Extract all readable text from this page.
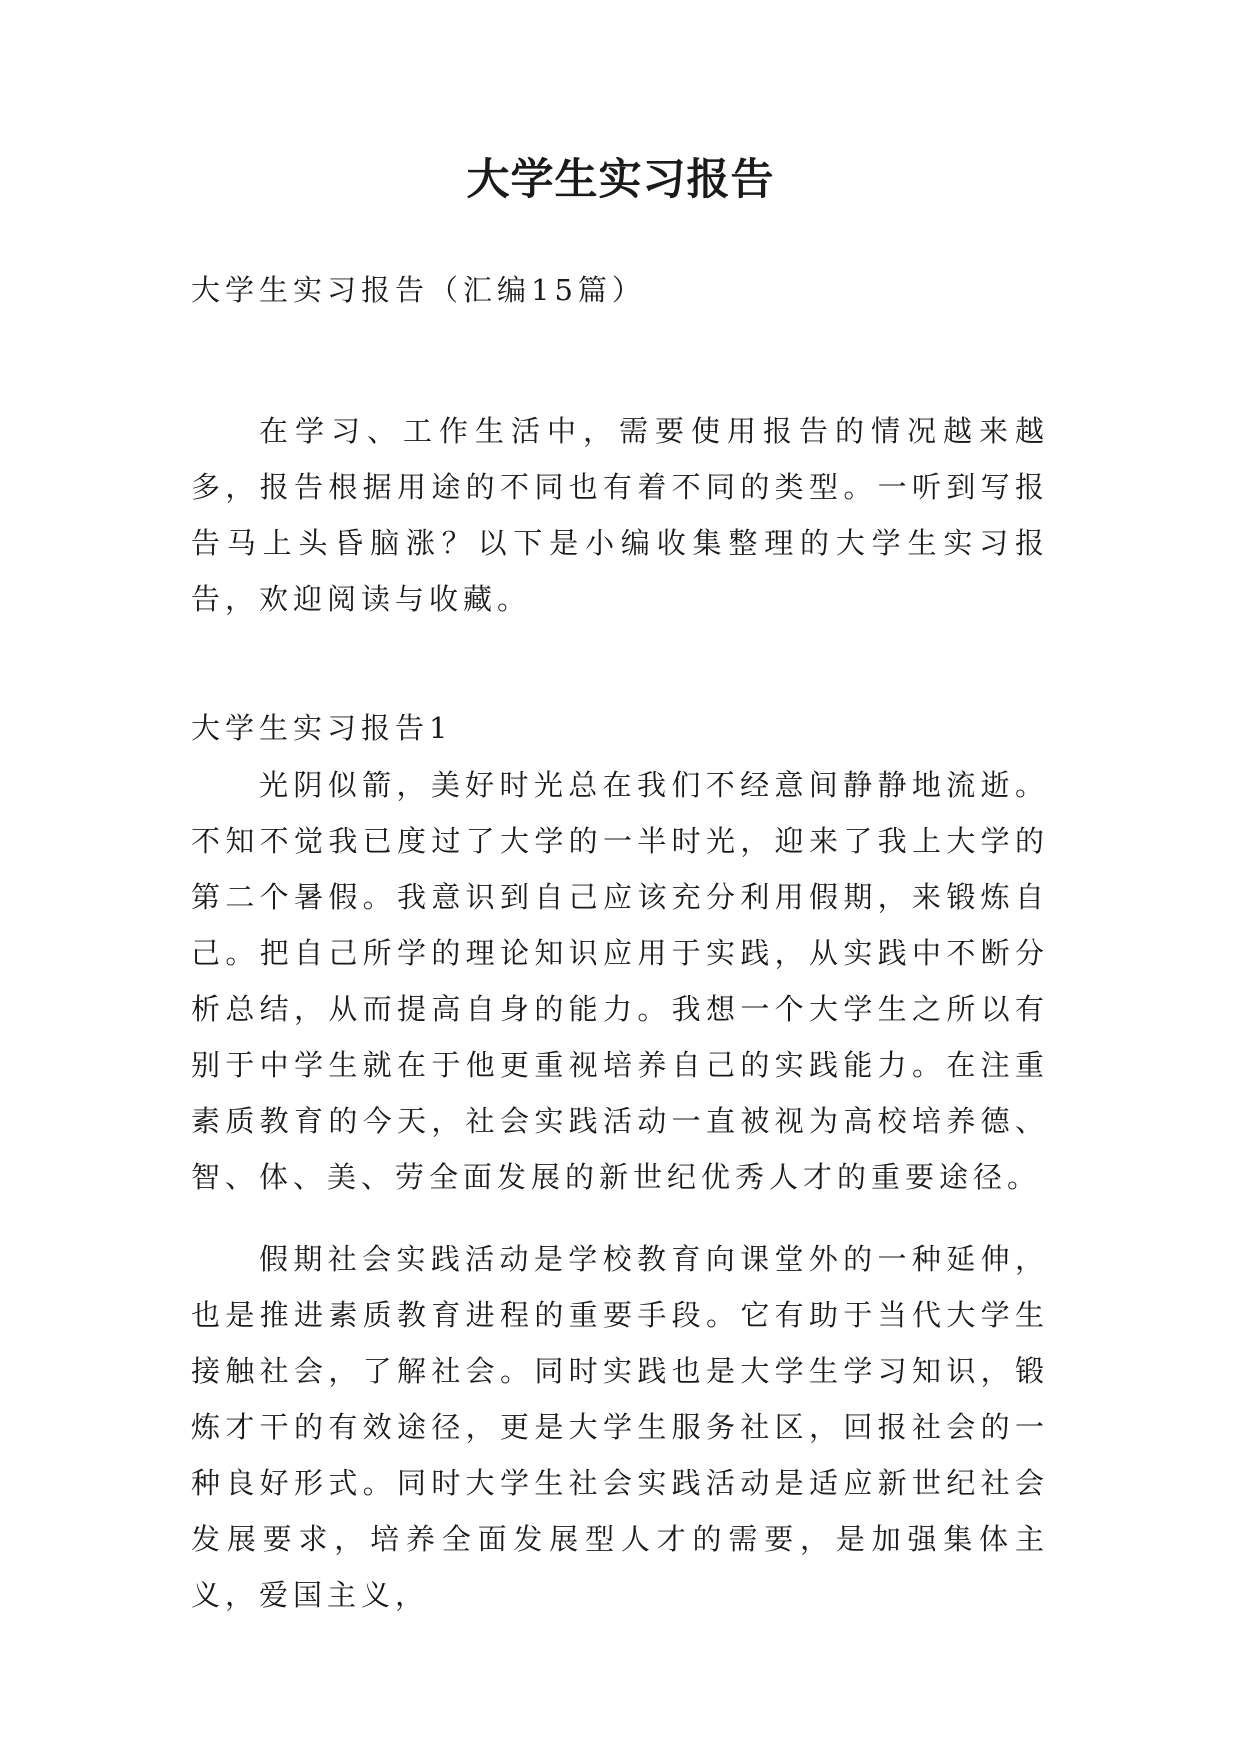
大学生实习报告

大学生实习报告（汇编15篇）

在学习、工作生活中，需要使用报告的情况越来越多，报告根据用途的不同也有着不同的类型。一听到写报告马上头昏脑涨？以下是小编收集整理的大学生实习报告，欢迎阅读与收藏。

大学生实习报告1

光阴似箭，美好时光总在我们不经意间静静地流逝。不知不觉我已度过了大学的一半时光，迎来了我上大学的第二个暑假。我意识到自己应该充分利用假期，来锻炼自己。把自己所学的理论知识应用于实践，从实践中不断分析总结，从而提高自身的能力。我想一个大学生之所以有别于中学生就在于他更重视培养自己的实践能力。在注重素质教育的今天，社会实践活动一直被视为高校培养德、智、体、美、劳全面发展的新世纪优秀人才的重要途径。

假期社会实践活动是学校教育向课堂外的一种延伸，也是推进素质教育进程的重要手段。它有助于当代大学生接触社会，了解社会。同时实践也是大学生学习知识，锻炼才干的有效途径，更是大学生服务社区，回报社会的一种良好形式。同时大学生社会实践活动是适应新世纪社会发展要求，培养全面发展型人才的需要，是加强集体主义，爱国主义，
